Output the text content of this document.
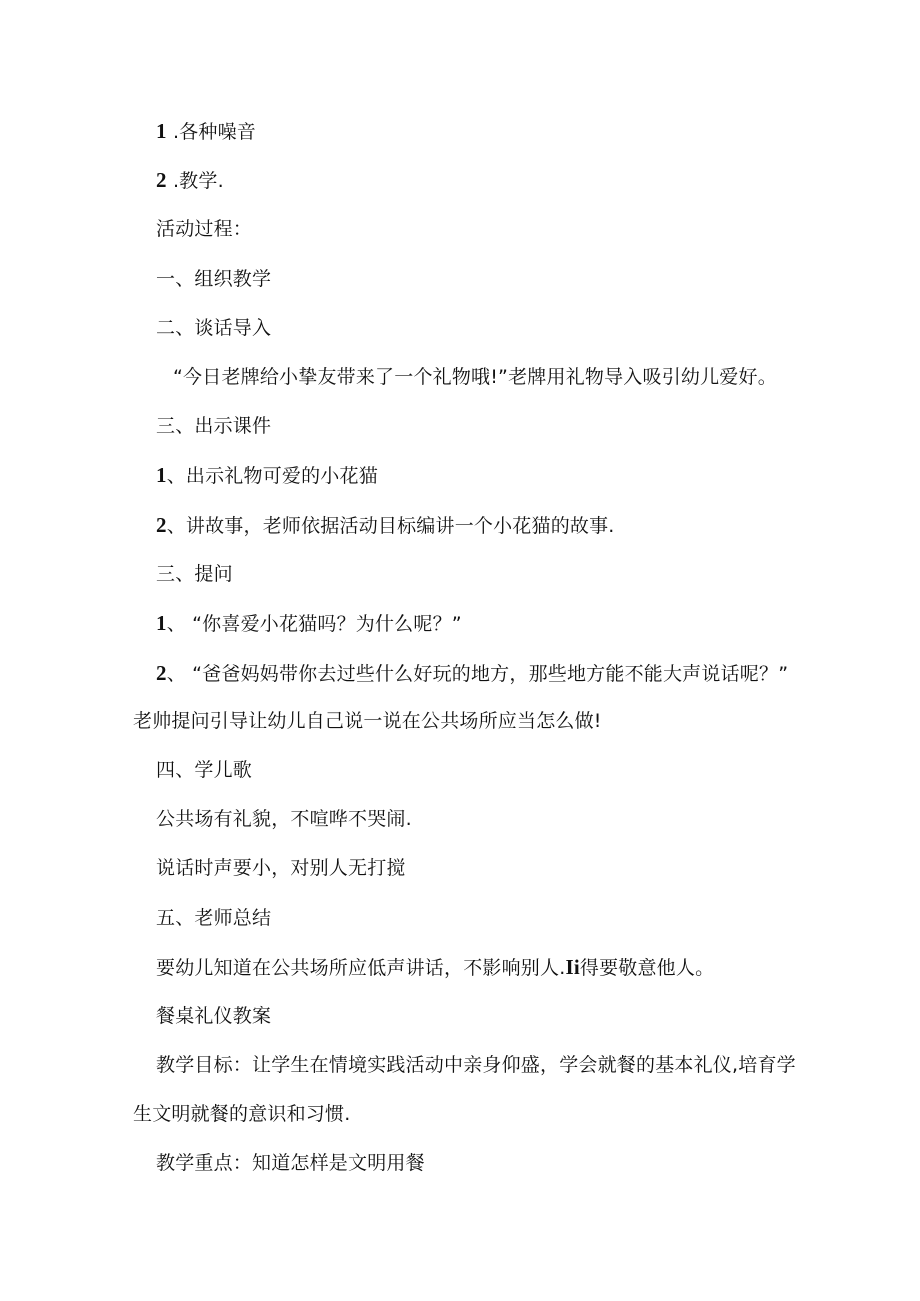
1 .各种噪音
2 .教学.
活动过程：
一、组织教学
二、谈话导入
“今日老牌给小挚友带来了一个礼物哦!”老牌用礼物导入吸引幼儿爱好。
三、出示课件
1、出示礼物可爱的小花猫
2、讲故事，老师依据活动目标编讲一个小花猫的故事.
三、提问
1、 “你喜爱小花猫吗？为什么呢？”
2、 “爸爸妈妈带你去过些什么好玩的地方，那些地方能不能大声说话呢？”
老帅提问引导让幼儿自己说一说在公共场所应当怎么做!
四、学儿歌
公共场有礼貌，不喧哗不哭闹.
说话时声要小，对别人无打搅
五、老师总结
要幼儿知道在公共场所应低声讲话，不影响别人.Ii得要敬意他人。
餐桌礼仪教案
教学目标：让学生在情境实践活动中亲身仰盛，学会就餐的基本礼仪,培育学
生文明就餐的意识和习惯.
教学重点：知道怎样是文明用餐
